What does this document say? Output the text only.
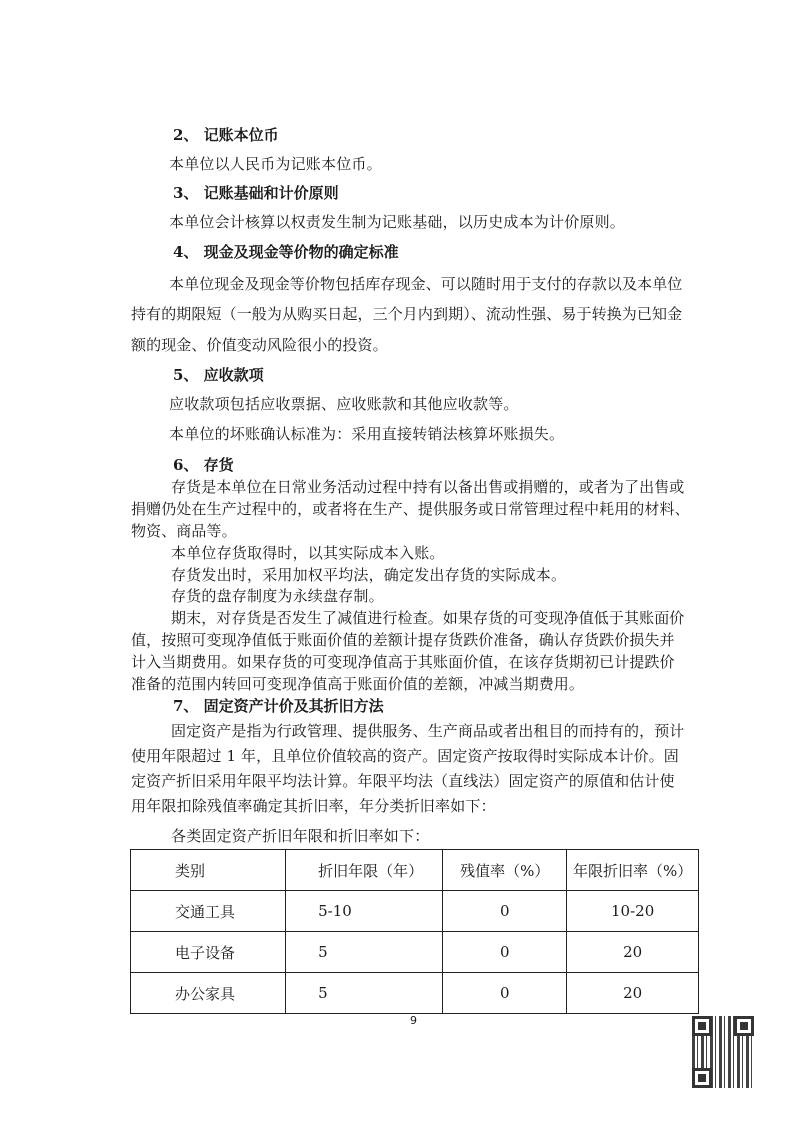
2、 记账本位币
本单位以人民币为记账本位币。
3、 记账基础和计价原则
本单位会计核算以权责发生制为记账基础，以历史成本为计价原则。
4、 现金及现金等价物的确定标准
本单位现金及现金等价物包括库存现金、可以随时用于支付的存款以及本单位
持有的期限短（一般为从购买日起，三个月内到期）、流动性强、易于转换为已知金
额的现金、价值变动风险很小的投资。
5、 应收款项
应收款项包括应收票据、应收账款和其他应收款等。
本单位的坏账确认标准为：采用直接转销法核算坏账损失。
6、 存货
存货是本单位在日常业务活动过程中持有以备出售或捐赠的，或者为了出售或
捐赠仍处在生产过程中的，或者将在生产、提供服务或日常管理过程中耗用的材料、
物资、商品等。
本单位存货取得时，以其实际成本入账。
存货发出时，采用加权平均法，确定发出存货的实际成本。
存货的盘存制度为永续盘存制。
期末，对存货是否发生了减值进行检查。如果存货的可变现净值低于其账面价
值，按照可变现净值低于账面价值的差额计提存货跌价准备，确认存货跌价损失并
计入当期费用。如果存货的可变现净值高于其账面价值，在该存货期初已计提跌价
准备的范围内转回可变现净值高于账面价值的差额，冲减当期费用。
7、 固定资产计价及其折旧方法
固定资产是指为行政管理、提供服务、生产商品或者出租目的而持有的，预计
使用年限超过 1 年，且单位价值较高的资产。固定资产按取得时实际成本计价。固
定资产折旧采用年限平均法计算。年限平均法（直线法）固定资产的原值和估计使
用年限扣除残值率确定其折旧率，年分类折旧率如下：
各类固定资产折旧年限和折旧率如下：
类别	折旧年限（年）	残值率（%）	年限折旧率（%）
交通工具	5-10	0	10-20
电子设备	5	0	20
办公家具	5	0	20
9
